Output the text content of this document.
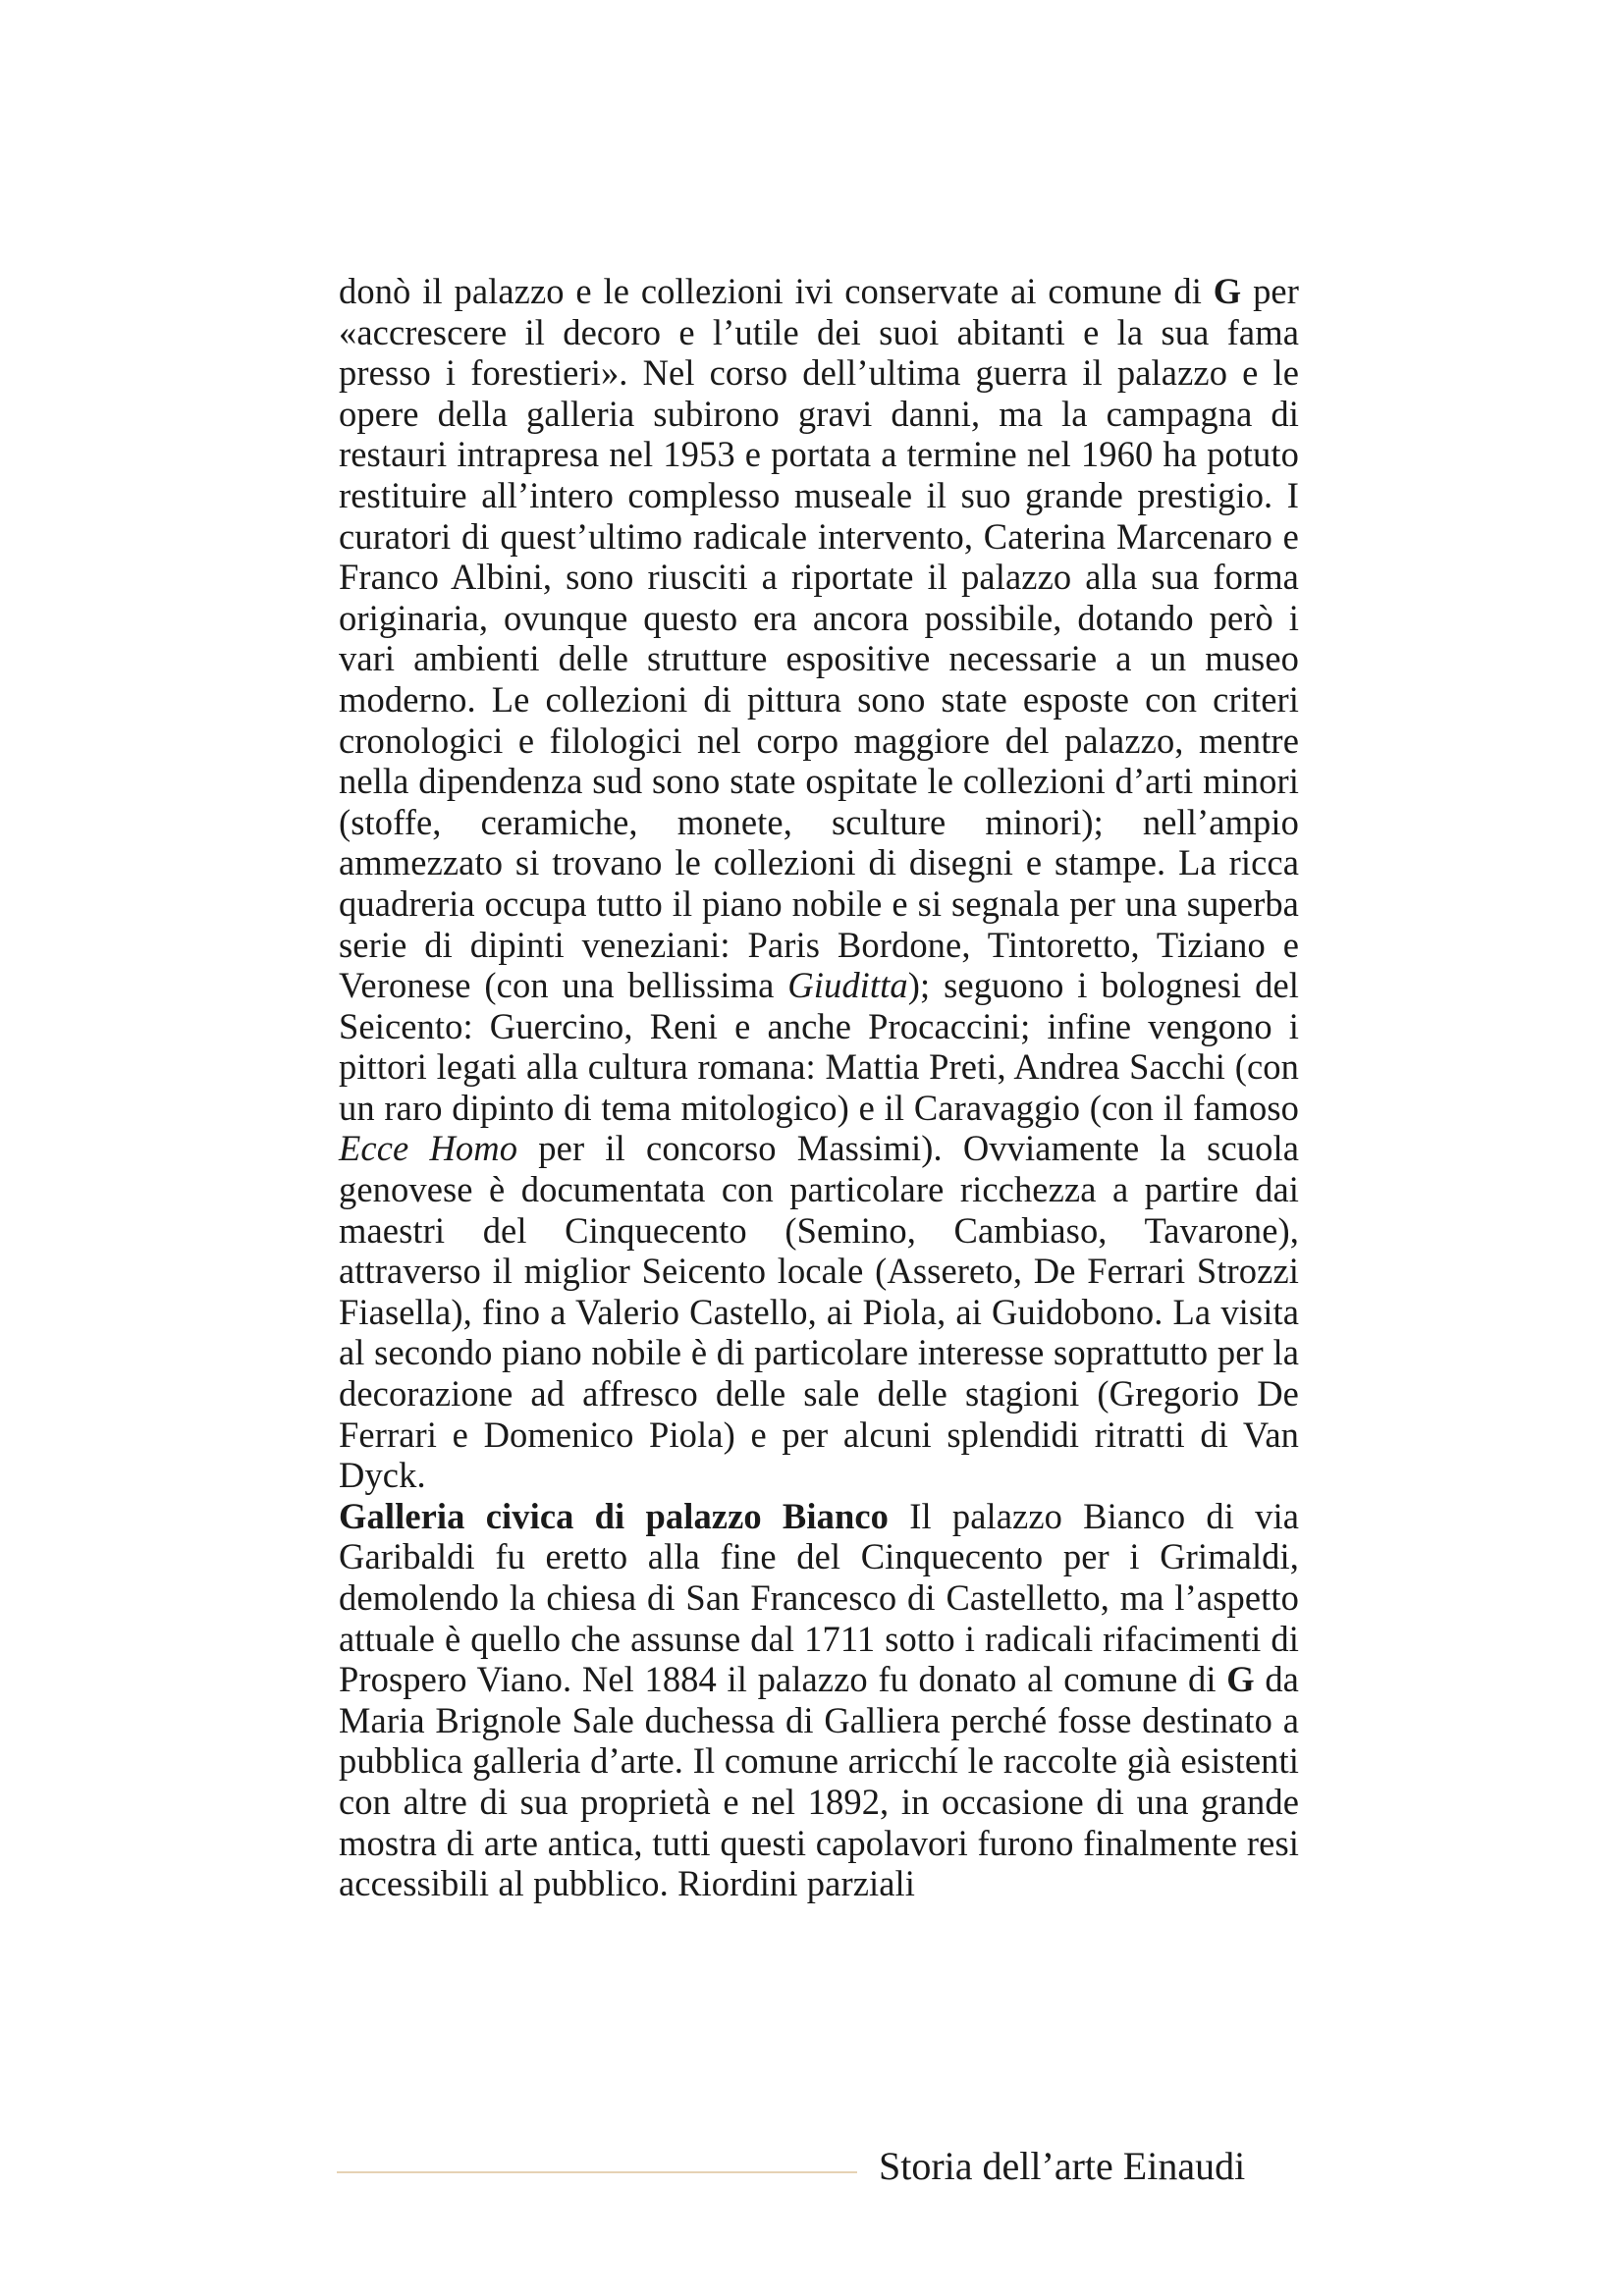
donò il palazzo e le collezioni ivi conservate ai comune di G per «accrescere il decoro e l’utile dei suoi abitanti e la sua fama presso i forestieri». Nel corso dell’ultima guerra il palazzo e le opere della galleria subirono gravi danni, ma la campagna di restauri intrapresa nel 1953 e portata a termine nel 1960 ha potuto restituire all’intero complesso museale il suo grande prestigio. I curatori di quest’ultimo radicale intervento, Caterina Marcenaro e Franco Albini, sono riusciti a riportate il palazzo alla sua forma originaria, ovunque questo era ancora possibile, dotando però i vari ambienti delle strutture espositive necessarie a un museo moderno. Le collezioni di pittura sono state esposte con criteri cronologici e filologici nel corpo maggiore del palazzo, mentre nella dipendenza sud sono state ospitate le collezioni d’arti minori (stoffe, ceramiche, monete, sculture minori); nell’ampio ammezzato si trovano le collezioni di disegni e stampe. La ricca quadreria occupa tutto il piano nobile e si segnala per una superba serie di dipinti veneziani: Paris Bordone, Tintoretto, Tiziano e Veronese (con una bellissima Giuditta); seguono i bolognesi del Seicento: Guercino, Reni e anche Procaccini; infine vengono i pittori legati alla cultura romana: Mattia Preti, Andrea Sacchi (con un raro dipinto di tema mitologico) e il Caravaggio (con il famoso Ecce Homo per il concorso Massimi). Ovviamente la scuola genovese è documentata con particolare ricchezza a partire dai maestri del Cinquecento (Semino, Cambiaso, Tavarone), attraverso il miglior Seicento locale (Assereto, De Ferrari Strozzi Fiasella), fino a Valerio Castello, ai Piola, ai Guidobono. La visita al secondo piano nobile è di particolare interesse soprattutto per la decorazione ad affresco delle sale delle stagioni (Gregorio De Ferrari e Domenico Piola) e per alcuni splendidi ritratti di Van Dyck.

Galleria civica di palazzo Bianco Il palazzo Bianco di via Garibaldi fu eretto alla fine del Cinquecento per i Grimaldi, demolendo la chiesa di San Francesco di Castelletto, ma l’aspetto attuale è quello che assunse dal 1711 sotto i radicali rifacimenti di Prospero Viano. Nel 1884 il palazzo fu donato al comune di G da Maria Brignole Sale duchessa di Galliera perché fosse destinato a pubblica galleria d’arte. Il comune arricchí le raccolte già esistenti con altre di sua proprietà e nel 1892, in occasione di una grande mostra di arte antica, tutti questi capolavori furono finalmente resi accessibili al pubblico. Riordini parziali

Storia dell’arte Einaudi
